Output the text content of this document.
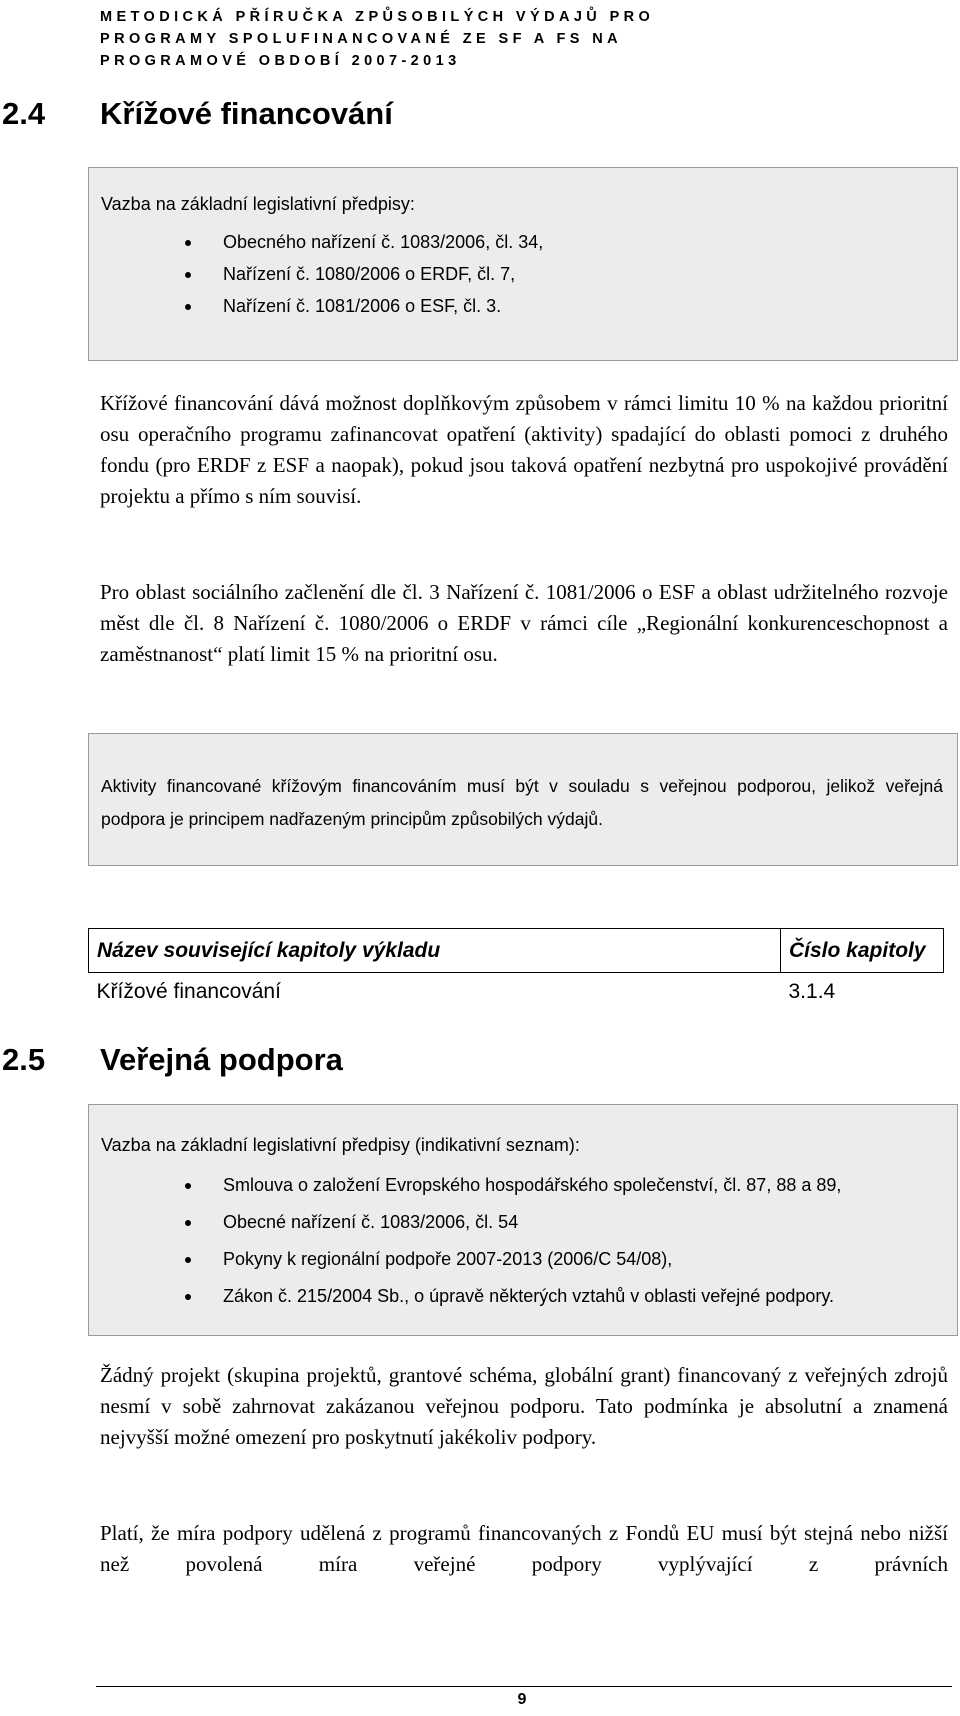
METODICKÁ PŘÍRUČKA ZPŮSOBILÝCH VÝDAJŮ PRO
PROGRAMY SPOLUFINANCOVANÉ ZE SF A FS NA
PROGRAMOVÉ OBDOBÍ 2007-2013
2.4 Křížové financování
Vazba na základní legislativní předpisy:
Obecného nařízení č. 1083/2006, čl. 34,
Nařízení č. 1080/2006 o ERDF, čl. 7,
Nařízení č. 1081/2006 o ESF, čl. 3.

Křížové financování dává možnost doplňkovým způsobem v rámci limitu 10 % na každou prioritní osu operačního programu zafinancovat opatření (aktivity) spadající do oblasti pomoci z druhého fondu (pro ERDF z ESF a naopak), pokud jsou taková opatření nezbytná pro uspokojivé provádění projektu a přímo s ním souvisí.

Pro oblast sociálního začlenění dle čl. 3 Nařízení č. 1081/2006 o ESF a oblast udržitelného rozvoje měst dle čl. 8 Nařízení č. 1080/2006 o ERDF v rámci cíle „Regionální konkurenceschopnost a zaměstnanost“ platí limit 15 % na prioritní osu.

Aktivity financované křížovým financováním musí být v souladu s veřejnou podporou, jelikož veřejná podpora je principem nadřazeným principům způsobilých výdajů.

Název související kapitoly výkladu	Číslo kapitoly
Křížové financování	3.1.4
2.5 Veřejná podpora
Vazba na základní legislativní předpisy (indikativní seznam):
Smlouva o založení Evropského hospodářského společenství, čl. 87, 88 a 89,
Obecné nařízení č. 1083/2006, čl. 54
Pokyny k regionální podpoře 2007-2013 (2006/C 54/08),
Zákon č. 215/2004 Sb., o úpravě některých vztahů v oblasti veřejné podpory.

Žádný projekt (skupina projektů, grantové schéma, globální grant) financovaný z veřejných zdrojů nesmí v sobě zahrnovat zakázanou veřejnou podporu. Tato podmínka je absolutní a znamená nejvyšší možné omezení pro poskytnutí jakékoliv podpory.

Platí, že míra podpory udělená z programů financovaných z Fondů EU musí být stejná nebo nižší než povolená míra veřejné podpory vyplývající z právních

9
